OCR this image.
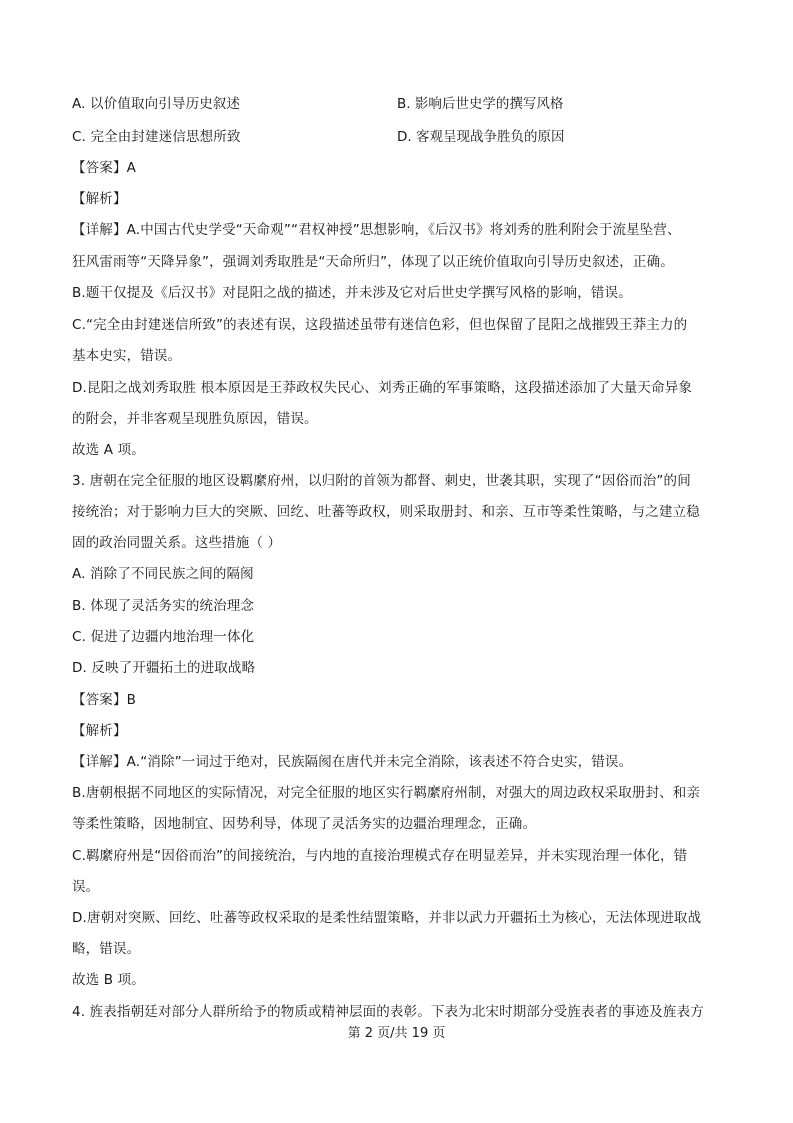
A. 以价值取向引导历史叙述	B. 影响后世史学的撰写风格
C. 完全由封建迷信思想所致	D. 客观呈现战争胜负的原因
【答案】A
【解析】
【详解】A.中国古代史学受“天命观”“君权神授”思想影响，《后汉书》将刘秀的胜利附会于流星坠营、
狂风雷雨等“天降异象”，强调刘秀取胜是“天命所归”，体现了以正统价值取向引导历史叙述，正确。
B.题干仅提及《后汉书》对昆阳之战的描述，并未涉及它对后世史学撰写风格的影响，错误。
C.“完全由封建迷信所致”的表述有误，这段描述虽带有迷信色彩，但也保留了昆阳之战摧毁王莽主力的
基本史实，错误。
D.昆阳之战刘秀取胜 根本原因是王莽政权失民心、刘秀正确的军事策略，这段描述添加了大量天命异象
的附会，并非客观呈现胜负原因，错误。
故选 A 项。
3. 唐朝在完全征服的地区设羁縻府州，以归附的首领为都督、刺史，世袭其职，实现了“因俗而治”的间
接统治；对于影响力巨大的突厥、回纥、吐蕃等政权，则采取册封、和亲、互市等柔性策略，与之建立稳
固的政治同盟关系。这些措施（ ）
A. 消除了不同民族之间的隔阂
B. 体现了灵活务实的统治理念
C. 促进了边疆内地治理一体化
D. 反映了开疆拓土的进取战略
【答案】B
【解析】
【详解】A.“消除”一词过于绝对，民族隔阂在唐代并未完全消除，该表述不符合史实，错误。
B.唐朝根据不同地区的实际情况，对完全征服的地区实行羁縻府州制，对强大的周边政权采取册封、和亲
等柔性策略，因地制宜、因势利导，体现了灵活务实的边疆治理理念，正确。
C.羁縻府州是“因俗而治”的间接统治，与内地的直接治理模式存在明显差异，并未实现治理一体化，错
误。
D.唐朝对突厥、回纥、吐蕃等政权采取的是柔性结盟策略，并非以武力开疆拓土为核心，无法体现进取战
略，错误。
故选 B 项。
4. 旌表指朝廷对部分人群所给予的物质或精神层面的表彰。下表为北宋时期部分受旌表者的事迹及旌表方
第 2 页/共 19 页
